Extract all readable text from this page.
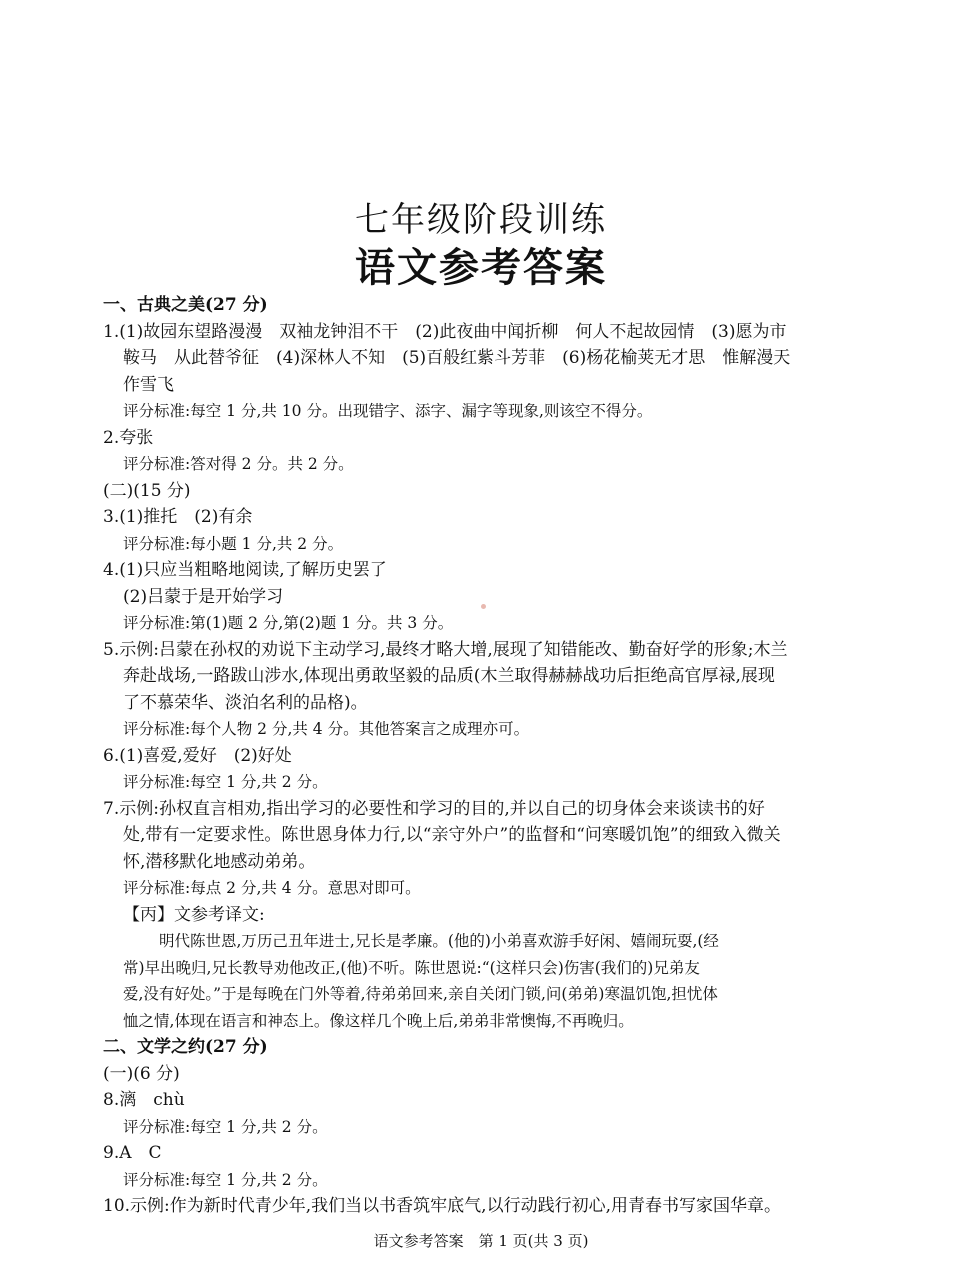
七年级阶段训练
语文参考答案
一、古典之美(27 分)
1.(1)故园东望路漫漫　双袖龙钟泪不干　(2)此夜曲中闻折柳　何人不起故园情　(3)愿为市
鞍马　从此替爷征　(4)深林人不知　(5)百般红紫斗芳菲　(6)杨花榆荚无才思　惟解漫天
作雪飞
评分标准:每空 1 分,共 10 分。出现错字、添字、漏字等现象,则该空不得分。
2.夸张
评分标准:答对得 2 分。共 2 分。
(二)(15 分)
3.(1)推托　(2)有余
评分标准:每小题 1 分,共 2 分。
4.(1)只应当粗略地阅读,了解历史罢了
(2)吕蒙于是开始学习
评分标准:第(1)题 2 分,第(2)题 1 分。共 3 分。
5.示例:吕蒙在孙权的劝说下主动学习,最终才略大增,展现了知错能改、勤奋好学的形象;木兰
奔赴战场,一路跋山涉水,体现出勇敢坚毅的品质(木兰取得赫赫战功后拒绝高官厚禄,展现
了不慕荣华、淡泊名利的品格)。
评分标准:每个人物 2 分,共 4 分。其他答案言之成理亦可。
6.(1)喜爱,爱好　(2)好处
评分标准:每空 1 分,共 2 分。
7.示例:孙权直言相劝,指出学习的必要性和学习的目的,并以自己的切身体会来谈读书的好
处,带有一定要求性。陈世恩身体力行,以“亲守外户”的监督和“问寒暖饥饱”的细致入微关
怀,潜移默化地感动弟弟。
评分标准:每点 2 分,共 4 分。意思对即可。
【丙】文参考译文:
明代陈世恩,万历己丑年进士,兄长是孝廉。(他的)小弟喜欢游手好闲、嬉闹玩耍,(经
常)早出晚归,兄长教导劝他改正,(他)不听。陈世恩说:“(这样只会)伤害(我们的)兄弟友
爱,没有好处。”于是每晚在门外等着,待弟弟回来,亲自关闭门锁,问(弟弟)寒温饥饱,担忧体
恤之情,体现在语言和神态上。像这样几个晚上后,弟弟非常懊悔,不再晚归。
二、文学之约(27 分)
(一)(6 分)
8.漓　chù
评分标准:每空 1 分,共 2 分。
9.A　C
评分标准:每空 1 分,共 2 分。
10.示例:作为新时代青少年,我们当以书香筑牢底气,以行动践行初心,用青春书写家国华章。
语文参考答案　第 1 页(共 3 页)
